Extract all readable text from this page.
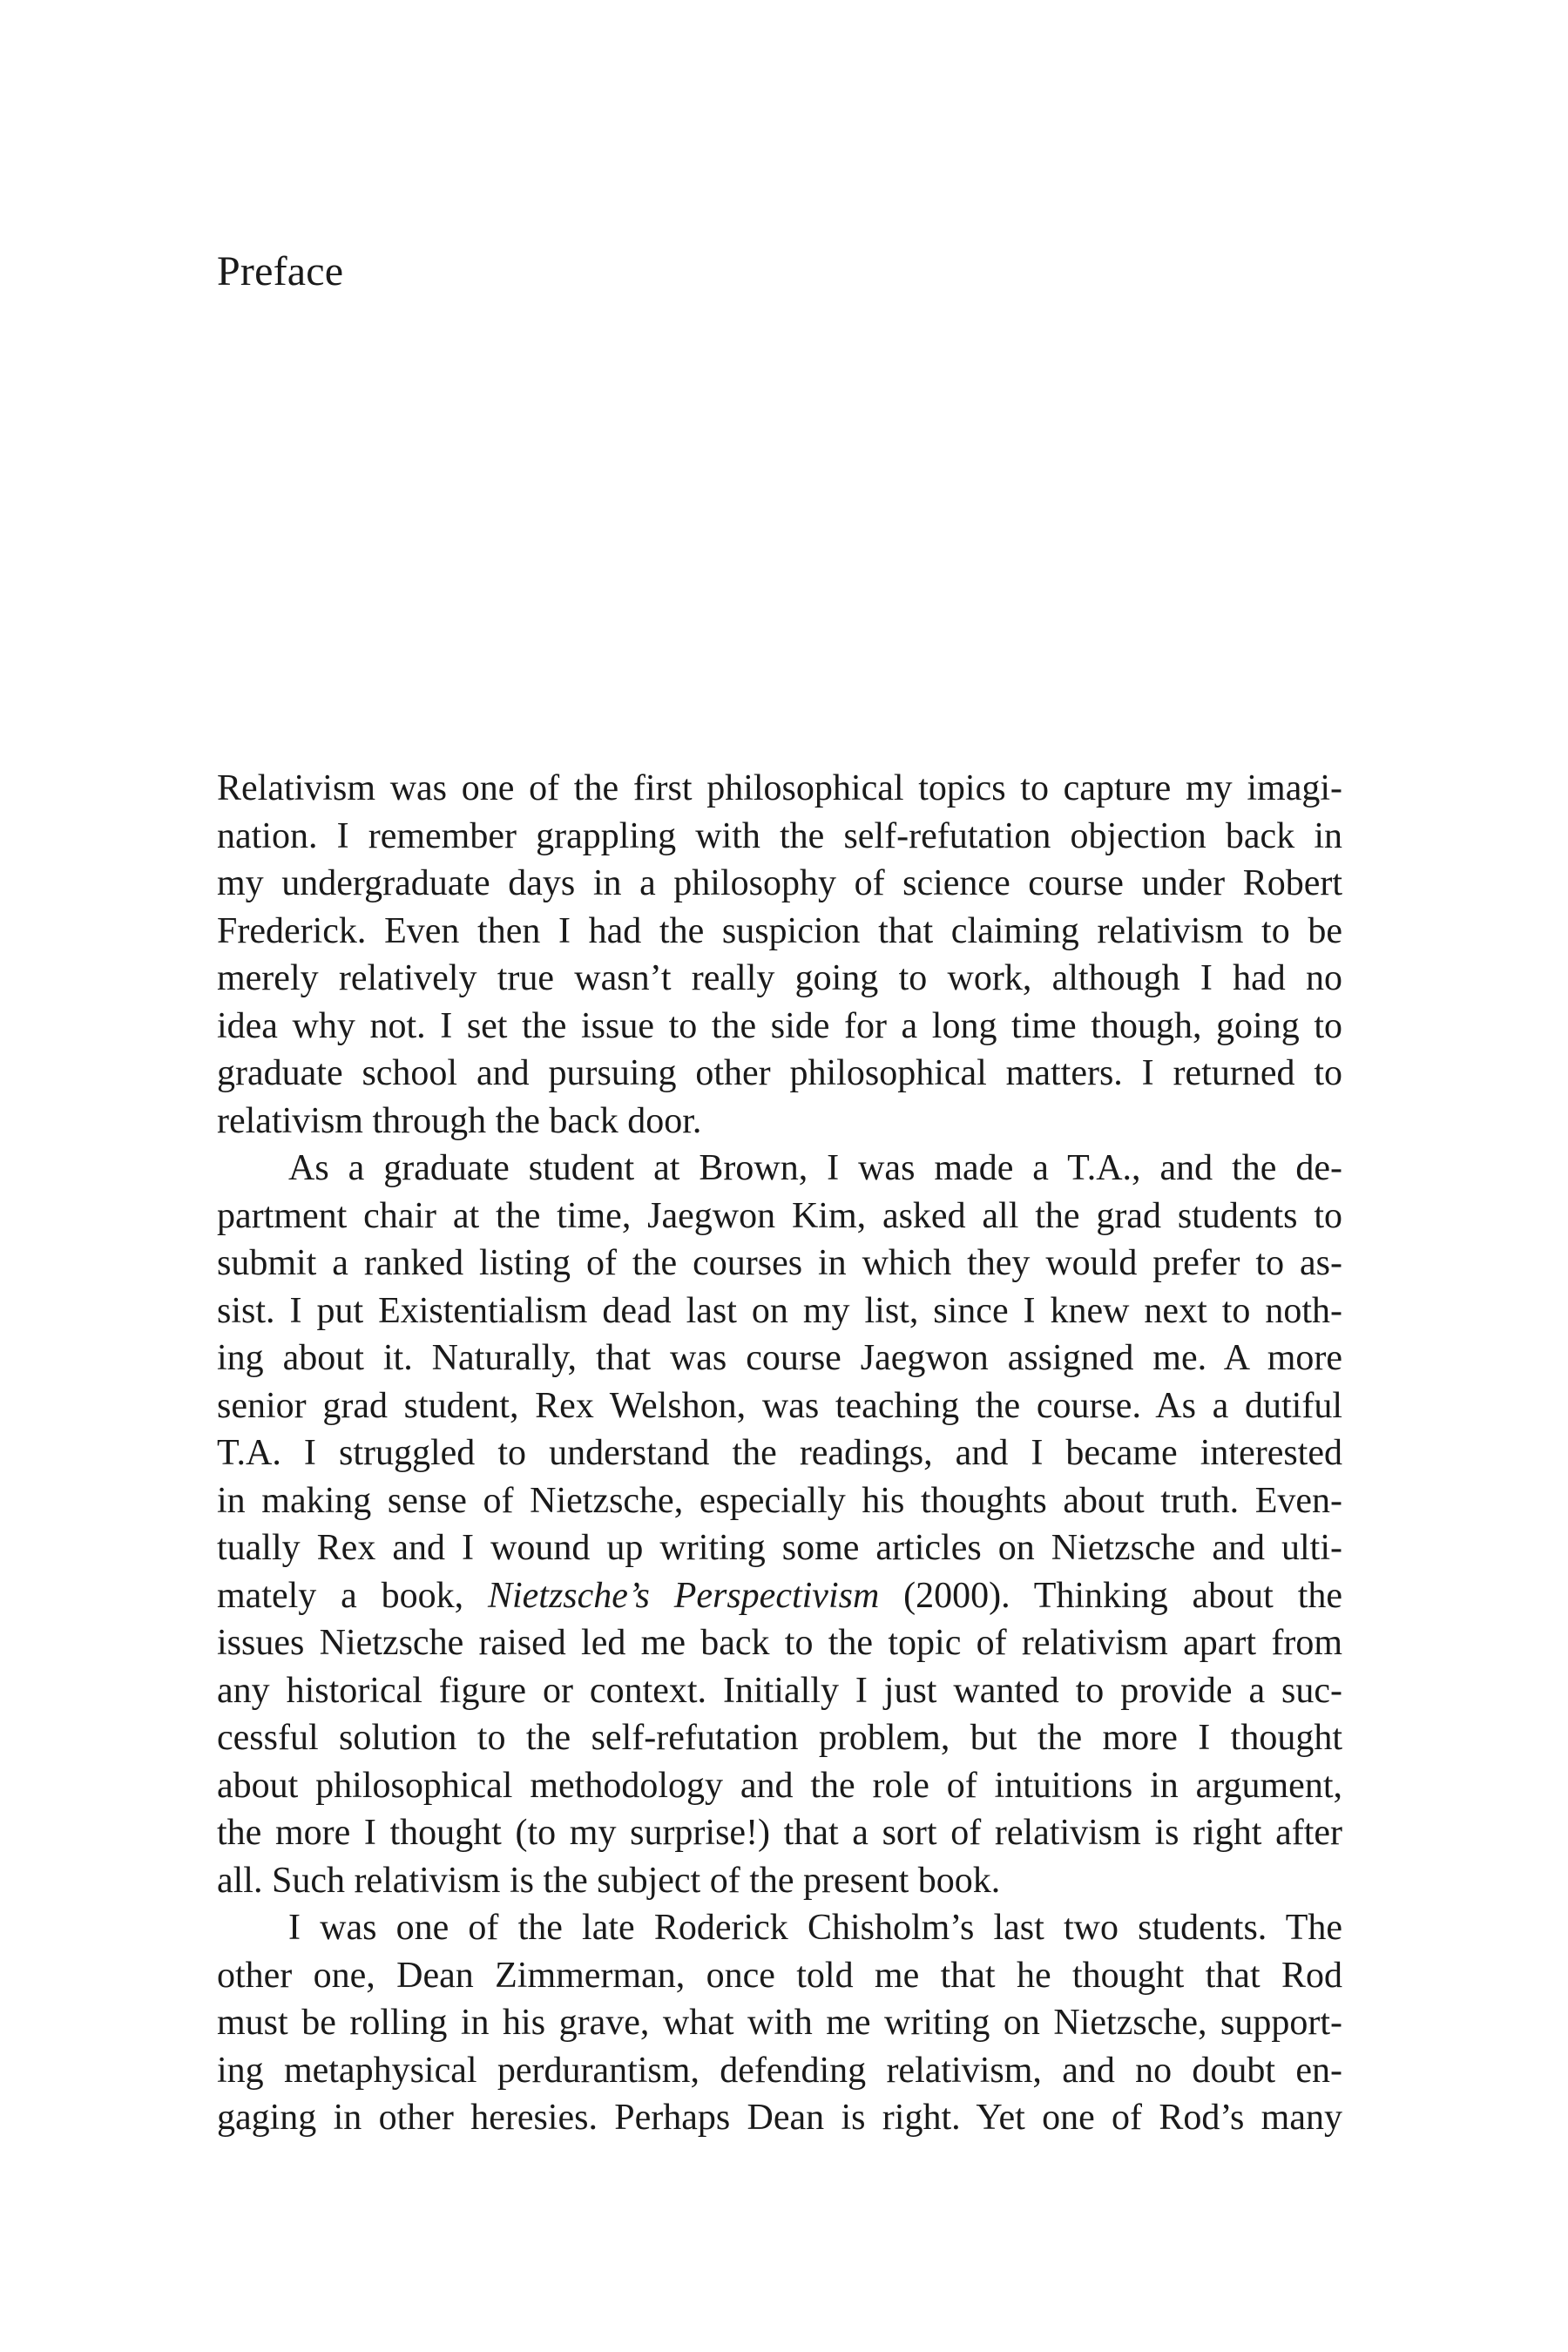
Preface

Relativism was one of the first philosophical topics to capture my imagi-
nation. I remember grappling with the self-refutation objection back in
my undergraduate days in a philosophy of science course under Robert
Frederick. Even then I had the suspicion that claiming relativism to be
merely relatively true wasn’t really going to work, although I had no
idea why not. I set the issue to the side for a long time though, going to
graduate school and pursuing other philosophical matters. I returned to
relativism through the back door.

As a graduate student at Brown, I was made a T.A., and the de-
partment chair at the time, Jaegwon Kim, asked all the grad students to
submit a ranked listing of the courses in which they would prefer to as-
sist. I put Existentialism dead last on my list, since I knew next to noth-
ing about it. Naturally, that was course Jaegwon assigned me. A more
senior grad student, Rex Welshon, was teaching the course. As a dutiful
T.A. I struggled to understand the readings, and I became interested
in making sense of Nietzsche, especially his thoughts about truth. Even-
tually Rex and I wound up writing some articles on Nietzsche and ulti-
mately a book, Nietzsche’s Perspectivism (2000). Thinking about the
issues Nietzsche raised led me back to the topic of relativism apart from
any historical figure or context. Initially I just wanted to provide a suc-
cessful solution to the self-refutation problem, but the more I thought
about philosophical methodology and the role of intuitions in argument,
the more I thought (to my surprise!) that a sort of relativism is right after
all. Such relativism is the subject of the present book.

I was one of the late Roderick Chisholm’s last two students. The
other one, Dean Zimmerman, once told me that he thought that Rod
must be rolling in his grave, what with me writing on Nietzsche, support-
ing metaphysical perdurantism, defending relativism, and no doubt en-
gaging in other heresies. Perhaps Dean is right. Yet one of Rod’s many
